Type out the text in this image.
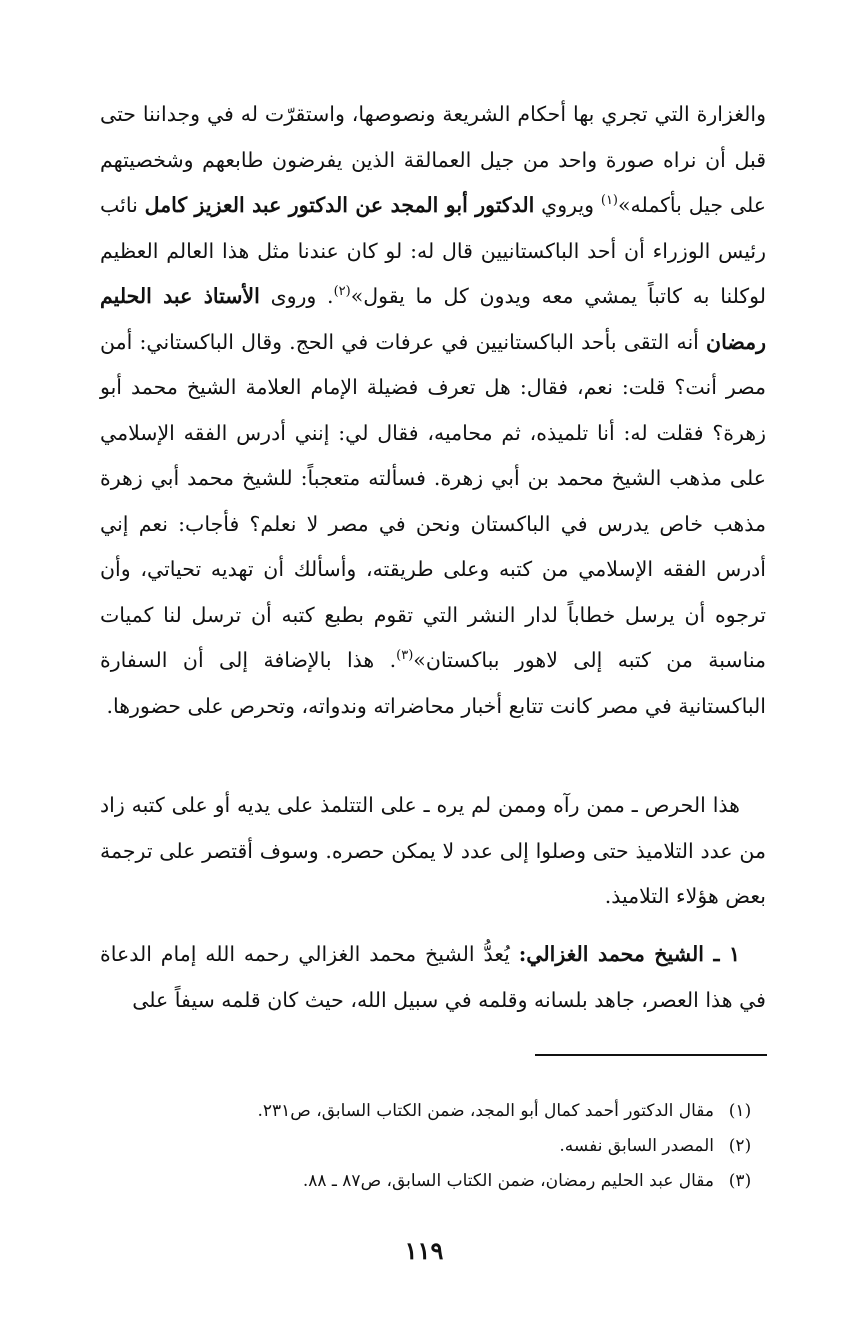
والغزارة التي تجري بها أحكام الشريعة ونصوصها، واستقرّت له في وجداننا حتى قبل أن نراه صورة واحد من جيل العمالقة الذين يفرضون طابعهم وشخصيتهم على جيل بأكمله»$^{(١)}$ ويروي الدكتور أبو المجد عن الدكتور عبد العزيز كامل نائب رئيس الوزراء أن أحد الباكستانيين قال له: لو كان عندنا مثل هذا العالم العظيم لوكلنا به كاتباً يمشي معه ويدون كل ما يقول»$^{(٢)}$. وروى الأستاذ عبد الحليم رمضان أنه التقى بأحد الباكستانيين في عرفات في الحج. وقال الباكستاني: أمن مصر أنت؟ قلت: نعم، فقال: هل تعرف فضيلة الإمام العلامة الشيخ محمد أبو زهرة؟ فقلت له: أنا تلميذه، ثم محاميه، فقال لي: إنني أدرس الفقه الإسلامي على مذهب الشيخ محمد بن أبي زهرة. فسألته متعجباً: للشيخ محمد أبي زهرة مذهب خاص يدرس في الباكستان ونحن في مصر لا نعلم؟ فأجاب: نعم إني أدرس الفقه الإسلامي من كتبه وعلى طريقته، وأسألك أن تهديه تحياتي، وأن ترجوه أن يرسل خطاباً لدار النشر التي تقوم بطبع كتبه أن ترسل لنا كميات مناسبة من كتبه إلى لاهور بباكستان»$^{(٣)}$. هذا بالإضافة إلى أن السفارة الباكستانية في مصر كانت تتابع أخبار محاضراته وندواته، وتحرص على حضورها.

هذا الحرص ـ ممن رآه وممن لم يره ـ على التتلمذ على يديه أو على كتبه زاد من عدد التلاميذ حتى وصلوا إلى عدد لا يمكن حصره. وسوف أقتصر على ترجمة بعض هؤلاء التلاميذ.

١ ـ الشيخ محمد الغزالي: يُعدُّ الشيخ محمد الغزالي رحمه الله إمام الدعاة في هذا العصر، جاهد بلسانه وقلمه في سبيل الله، حيث كان قلمه سيفاً على

(١)
مقال الدكتور أحمد كمال أبو المجد، ضمن الكتاب السابق، ص٢٣١.
(٢)
المصدر السابق نفسه.
(٣)
مقال عبد الحليم رمضان، ضمن الكتاب السابق، ص٨٧ ـ ٨٨.
١١٩
